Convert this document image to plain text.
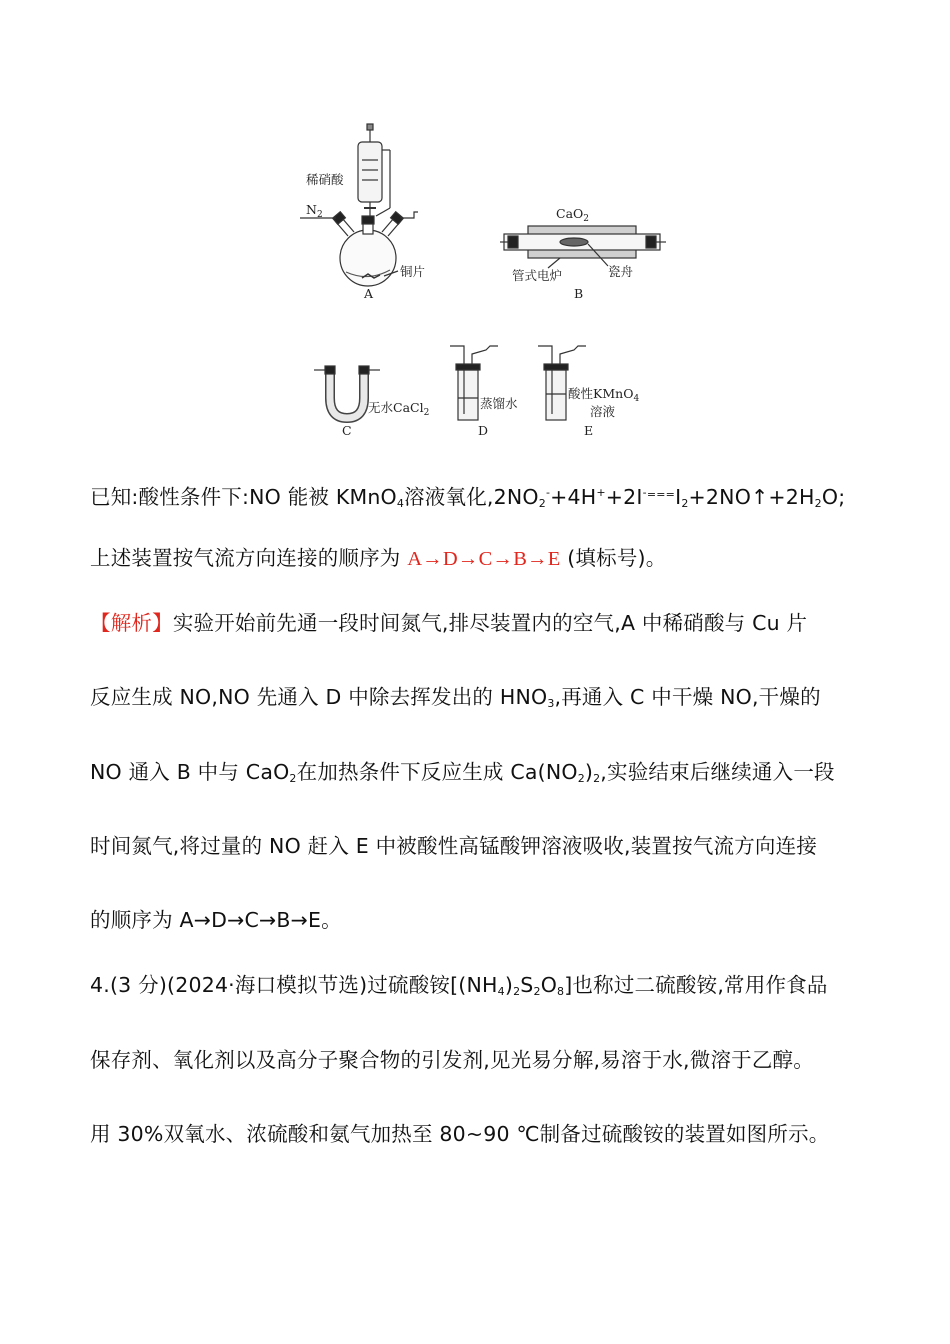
稀硝酸
$N_2$
铜片
A
CaO$_2$
管式电炉	瓷舟
B
无水CaCl$_2$
C
蒸馏水
D
酸性KMnO$_4$
溶液
E
已知:酸性条件下:NO 能被 KMnO$_4$溶液氧化$,2NO_2^-+4H^++2I^{-===}I_2+2NO↑+2H_2O$;
上述装置按气流方向连接的顺序为 A→D→C→B→E (填标号)。
【解析】实验开始前先通一段时间氮气,排尽装置内的空气,A 中稀硝酸与 Cu 片
反应生成 NO,NO 先通入 D 中除去挥发出的 $HNO_3$,再通入 C 中干燥 NO,干燥的
NO 通入 B 中与 CaO$_2$在加热条件下反应生成 $Ca(NO_2)_2$,实验结束后继续通入一段
时间氮气,将过量的 NO 赶入 E 中被酸性高锰酸钾溶液吸收,装置按气流方向连接
的顺序为 A→D→C→B→E。
4.(3 分)(2024·海口模拟节选)过硫酸铵$[(NH_4)_2S_2O_8]$也称过二硫酸铵,常用作食品
保存剂、氧化剂以及高分子聚合物的引发剂,见光易分解,易溶于水,微溶于乙醇。
用 30%双氧水、浓硫酸和氨气加热至 80~90 ℃制备过硫酸铵的装置如图所示。
